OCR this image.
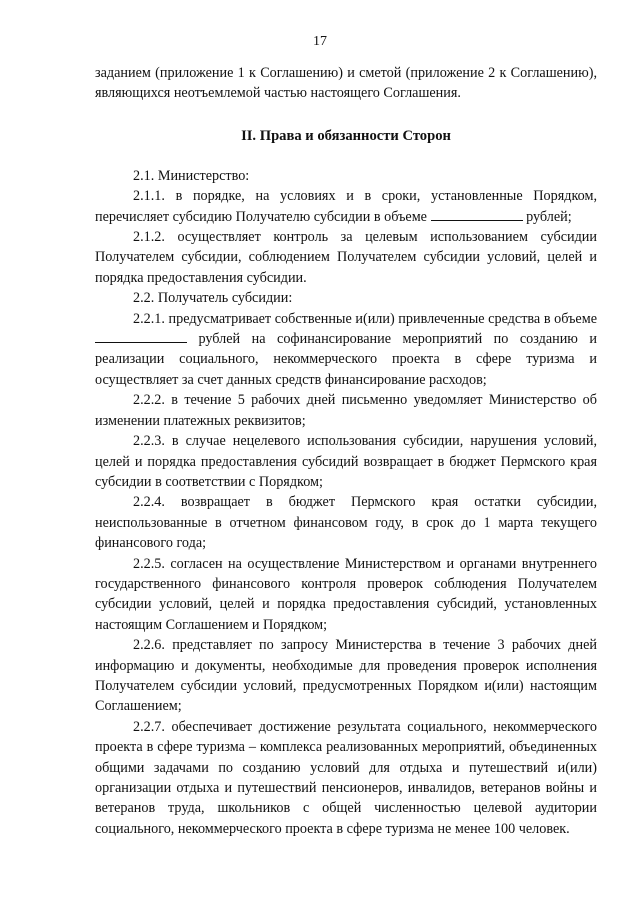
17

заданием (приложение 1 к Соглашению) и сметой (приложение 2 к Соглашению), являющихся неотъемлемой частью настоящего Соглашения.

II. Права и обязанности Сторон

2.1. Министерство:

2.1.1. в порядке, на условиях и в сроки, установленные Порядком, перечисляет субсидию Получателю субсидии в объеме	рублей;

2.1.2. осуществляет контроль за целевым использованием субсидии Получателем субсидии, соблюдением Получателем субсидии условий, целей и порядка предоставления субсидии.

2.2. Получатель субсидии:

2.2.1. предусматривает собственные и(или) привлеченные средства в объеме  рублей на софинансирование мероприятий по созданию и реализации социального, некоммерческого проекта в сфере туризма и осуществляет за счет данных средств финансирование расходов;

2.2.2. в течение 5 рабочих дней письменно уведомляет Министерство об изменении платежных реквизитов;

2.2.3. в случае нецелевого использования субсидии, нарушения условий, целей и порядка предоставления субсидий возвращает в бюджет Пермского края субсидии в соответствии с Порядком;

2.2.4. возвращает в бюджет Пермского края остатки субсидии, неиспользованные в отчетном финансовом году, в срок до 1 марта текущего финансового года;

2.2.5. согласен на осуществление Министерством и органами внутреннего государственного финансового контроля проверок соблюдения Получателем субсидии условий, целей и порядка предоставления субсидий, установленных настоящим Соглашением и Порядком;

2.2.6. представляет по запросу Министерства в течение 3 рабочих дней информацию и документы, необходимые для проведения проверок исполнения Получателем субсидии условий, предусмотренных Порядком и(или) настоящим Соглашением;

2.2.7. обеспечивает достижение результата социального, некоммерческого проекта в сфере туризма – комплекса реализованных мероприятий, объединенных общими задачами по созданию условий для отдыха и путешествий и(или) организации отдыха и путешествий пенсионеров, инвалидов, ветеранов войны и ветеранов труда, школьников с общей численностью целевой аудитории социального, некоммерческого проекта в сфере туризма не менее 100 человек.
